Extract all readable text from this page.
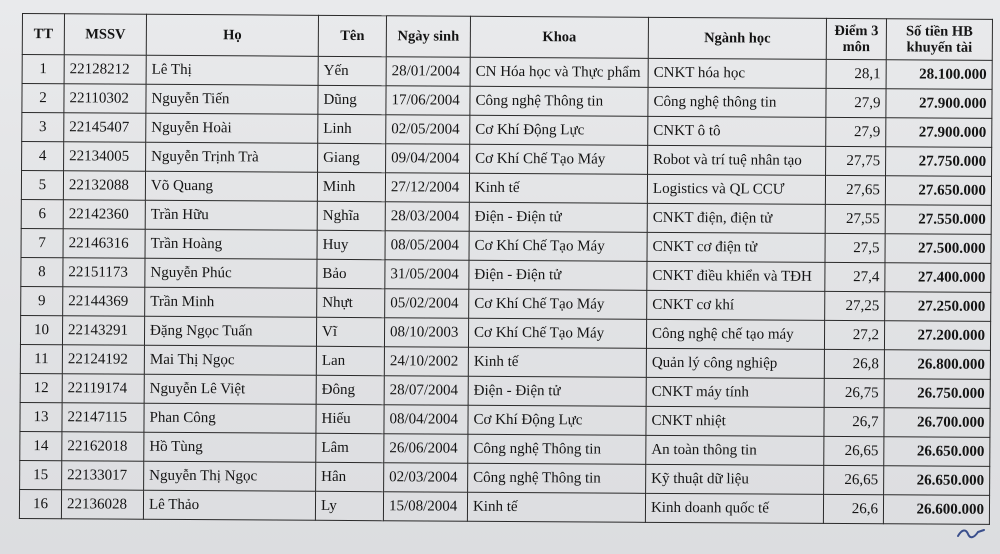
TT	MSSV	Họ	Tên	Ngày sinh	Khoa	Ngành học	Điểm 3 môn	Số tiền HB khuyến tài
1	22128212	Lê Thị	Yến	28/01/2004	CN Hóa học và Thực phẩm	CNKT hóa học	28,1	28.100.000
2	22110302	Nguyễn Tiến	Dũng	17/06/2004	Công nghệ Thông tin	Công nghệ thông tin	27,9	27.900.000
3	22145407	Nguyễn Hoài	Linh	02/05/2004	Cơ Khí Động Lực	CNKT ô tô	27,9	27.900.000
4	22134005	Nguyễn Trịnh Trà	Giang	09/04/2004	Cơ Khí Chế Tạo Máy	Robot và trí tuệ nhân tạo	27,75	27.750.000
5	22132088	Võ Quang	Minh	27/12/2004	Kinh tế	Logistics và QL CCƯ	27,65	27.650.000
6	22142360	Trần Hữu	Nghĩa	28/03/2004	Điện - Điện tử	CNKT điện, điện tử	27,55	27.550.000
7	22146316	Trần Hoàng	Huy	08/05/2004	Cơ Khí Chế Tạo Máy	CNKT cơ điện tử	27,5	27.500.000
8	22151173	Nguyễn Phúc	Bảo	31/05/2004	Điện - Điện tử	CNKT điều khiển và TĐH	27,4	27.400.000
9	22144369	Trần Minh	Nhựt	05/02/2004	Cơ Khí Chế Tạo Máy	CNKT cơ khí	27,25	27.250.000
10	22143291	Đặng Ngọc Tuấn	Vĩ	08/10/2003	Cơ Khí Chế Tạo Máy	Công nghệ chế tạo máy	27,2	27.200.000
11	22124192	Mai Thị Ngọc	Lan	24/10/2002	Kinh tế	Quản lý công nghiệp	26,8	26.800.000
12	22119174	Nguyễn Lê Việt	Đông	28/07/2004	Điện - Điện tử	CNKT máy tính	26,75	26.750.000
13	22147115	Phan Công	Hiếu	08/04/2004	Cơ Khí Động Lực	CNKT nhiệt	26,7	26.700.000
14	22162018	Hồ Tùng	Lâm	26/06/2004	Công nghệ Thông tin	An toàn thông tin	26,65	26.650.000
15	22133017	Nguyễn Thị Ngọc	Hân	02/03/2004	Công nghệ Thông tin	Kỹ thuật dữ liệu	26,65	26.650.000
16	22136028	Lê Thảo	Ly	15/08/2004	Kinh tế	Kinh doanh quốc tế	26,6	26.600.000
